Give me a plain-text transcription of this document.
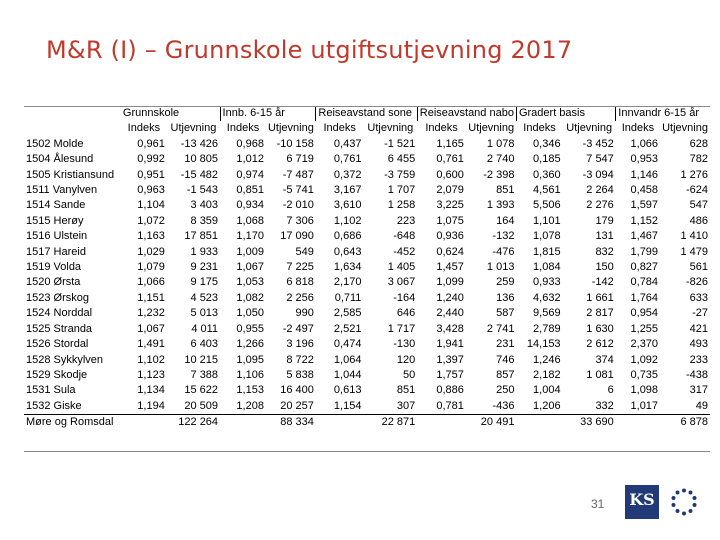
M&R (I) – Grunnskole utgiftsutjevning 2017
	Grunnskole		Innb. 6-15 år		Reiseavstand sone		Reiseavstand nabo		Gradert basis		Innvandr 6-15 år	
	Indeks	Utjevning	Indeks	Utjevning	Indeks	Utjevning	Indeks	Utjevning	Indeks	Utjevning	Indeks	Utjevning
1502 Molde	0,961	-13 426	0,968	-10 158	0,437	-1 521	1,165	1 078	0,346	-3 452	1,066	628
1504 Ålesund	0,992	10 805	1,012	6 719	0,761	6 455	0,761	2 740	0,185	7 547	0,953	782
1505 Kristiansund	0,951	-15 482	0,974	-7 487	0,372	-3 759	0,600	-2 398	0,360	-3 094	1,146	1 276
1511 Vanylven	0,963	-1 543	0,851	-5 741	3,167	1 707	2,079	851	4,561	2 264	0,458	-624
1514 Sande	1,104	3 403	0,934	-2 010	3,610	1 258	3,225	1 393	5,506	2 276	1,597	547
1515 Herøy	1,072	8 359	1,068	7 306	1,102	223	1,075	164	1,101	179	1,152	486
1516 Ulstein	1,163	17 851	1,170	17 090	0,686	-648	0,936	-132	1,078	131	1,467	1 410
1517 Hareid	1,029	1 933	1,009	549	0,643	-452	0,624	-476	1,815	832	1,799	1 479
1519 Volda	1,079	9 231	1,067	7 225	1,634	1 405	1,457	1 013	1,084	150	0,827	561
1520 Ørsta	1,066	9 175	1,053	6 818	2,170	3 067	1,099	259	0,933	-142	0,784	-826
1523 Ørskog	1,151	4 523	1,082	2 256	0,711	-164	1,240	136	4,632	1 661	1,764	633
1524 Norddal	1,232	5 013	1,050	990	2,585	646	2,440	587	9,569	2 817	0,954	-27
1525 Stranda	1,067	4 011	0,955	-2 497	2,521	1 717	3,428	2 741	2,789	1 630	1,255	421
1526 Stordal	1,491	6 403	1,266	3 196	0,474	-130	1,941	231	14,153	2 612	2,370	493
1528 Sykkylven	1,102	10 215	1,095	8 722	1,064	120	1,397	746	1,246	374	1,092	233
1529 Skodje	1,123	7 388	1,106	5 838	1,044	50	1,757	857	2,182	1 081	0,735	-438
1531 Sula	1,134	15 622	1,153	16 400	0,613	851	0,886	250	1,004	6	1,098	317
1532 Giske	1,194	20 509	1,208	20 257	1,154	307	0,781	-436	1,206	332	1,017	49
Møre og Romsdal		122 264		88 334		22 871		20 491		33 690		6 878
31 KS
